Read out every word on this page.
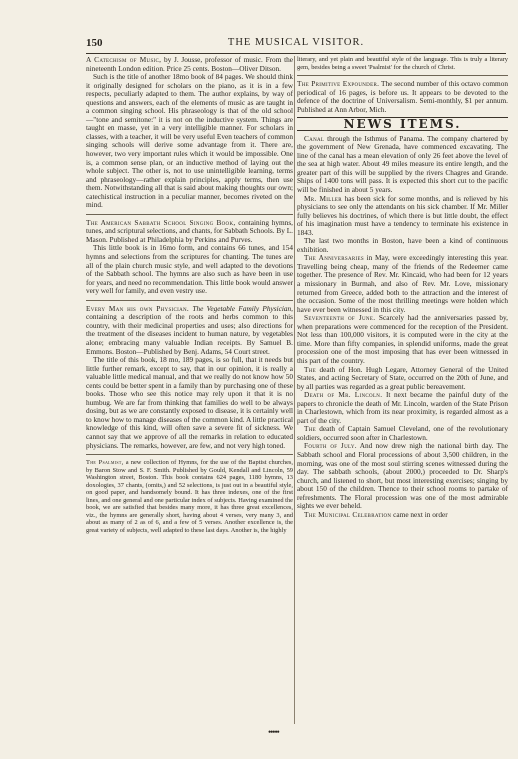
150	THE MUSICAL VISITOR.

A Catechism of Music, by J. Jousse, professor of music. From the nineteenth London edition. Price 25 cents. Boston—Oliver Ditson.

Such is the title of another 18mo book of 84 pages. We should think it originally designed for scholars on the piano, as it is in a few respects, peculiarly adapted to them. The author explains, by way of questions and answers, each of the elements of music as are taught in a common singing school. His phraseology is that of the old school—"tone and semitone:" it is not on the inductive system. Things are taught en masse, yet in a very intelligible manner. For scholars in classes, with a teacher, it will be very useful Even teachers of common singing schools will derive some advantage from it. There are, however, two very important rules which it would be impossible. One is, a common sense plan, or an inductive method of laying out the whole subject. The other is, not to use unintelligible learning, terms and phraseology—rather explain principles, apply terms, then use them. Notwithstanding all that is said about making thoughts our own; catechistical instruction in a peculiar manner, becomes riveted on the mind.

The American Sabbath School Singing Book, containing hymns, tunes, and scriptural selections, and chants, for Sabbath Schools. By L. Mason. Published at Philadelphia by Perkins and Purves.

This little book is in 16mo form, and contains 66 tunes, and 154 hymns and selections from the scriptures for chanting. The tunes are all of the plain church music style, and well adapted to the devotions of the Sabbath school. The hymns are also such as have been in use for years, and need no recommendation. This little book would answer very well for family, and even vestry use.

Every Man his own Physician. The Vegetable Family Physician, containing a description of the roots and herbs common to this country, with their medicinal properties and uses; also directions for the treatment of the diseases incident to human nature, by vegetables alone; embracing many valuable Indian receipts. By Samuel B. Emmons. Boston—Published by Benj. Adams, 54 Court street.

The title of this book, 18 mo, 189 pages, is so full, that it needs but little further remark, except to say, that in our opinion, it is really a valuable little medical manual, and that we really do not know how 50 cents could be better spent in a family than by purchasing one of these books. Those who see this notice may rely upon it that it is no humbug. We are far from thinking that families do well to be always dosing, but as we are constantly exposed to disease, it is certainly well to know how to manage diseases of the common kind. A little practical knowledge of this kind, will often save a severe fit of sickness. We cannot say that we approve of all the remarks in relation to educated physicians. The remarks, however, are few, and not very high toned.

The Psalmist, a new collection of Hymns, for the use of the Baptist churches, by Baron Stow and S. F. Smith. Published by Gould, Kendall and Lincoln, 59 Washington street, Boston. This book contains 624 pages, 1180 hymns, 13 doxologies, 37 chants, (omits,) and 52 selections, is just out in a beautiful style, on good paper, and handsomely bound. It has three indexes, one of the first lines, and one general and one particular index of subjects. Having examined the book, we are satisfied that besides many more, it has three great excellences, viz., the hymns are generally short, having about 4 verses, very many 3, and about as many of 2 as of 6, and a few of 5 verses. Another excellence is, the great variety of subjects, well adapted to these last days. Another is, the highly

literary, and yet plain and beautiful style of the language. This is truly a literary gem, besides being a sweet 'Psalmist' for the church of Christ.

The Primitive Expounder. The second number of this octavo common periodical of 16 pages, is before us. It appears to be devoted to the defence of the doctrine of Universalism. Semi-monthly, $1 per annum. Published at Ann Arbor, Mich.

NEWS ITEMS.

Canal through the Isthmus of Panama. The company chartered by the government of New Grenada, have commenced excavating. The line of the canal has a mean elevation of only 26 feet above the level of the sea at high water. About 49 miles measure its entire length, and the greater part of this will be supplied by the rivers Chagres and Grande. Ships of 1400 tons will pass. It is expected this short cut to the pacific will be finished in about 5 years.

Mr. Miller has been sick for some months, and is relieved by his physicians to see only the attendants on his sick chamber. If Mr. Miller fully believes his doctrines, of which there is but little doubt, the effect of his imagination must have a tendency to terminate his existence in 1843.

The last two months in Boston, have been a kind of continuous exhibition.

The Anniversaries in May, were exceedingly interesting this year. Travelling being cheap, many of the friends of the Redeemer came together. The presence of Rev. Mr. Kincaid, who had been for 12 years a missionary in Burmah, and also of Rev. Mr. Love, missionary returned from Greece, added both to the attraction and the interest of the occasion. Some of the most thrilling meetings were holden which have ever been witnessed in this city.

Seventeenth of June. Scarcely had the anniversaries passed by, when preparations were commenced for the reception of the President. Not less than 100,000 visitors, it is computed were in the city at the time. More than fifty companies, in splendid uniforms, made the great procession one of the most imposing that has ever been witnessed in this part of the country.

The death of Hon. Hugh Legare, Attorney General of the United States, and acting Secretary of State, occurred on the 20th of June, and by all parties was regarded as a great public bereavement.

Death of Mr. Lincoln. It next became the painful duty of the papers to chronicle the death of Mr. Lincoln, warden of the State Prison in Charlestown, which from its near proximity, is regarded almost as a part of the city.

The death of Captain Samuel Cleveland, one of the revolutionary soldiers, occurred soon after in Charlestown.

Fourth of July. And now drew nigh the national birth day. The Sabbath school and Floral processions of about 3,500 children, in the morning, was one of the most soul stirring scenes witnessed during the day. The sabbath schools, (about 2000,) proceeded to Dr. Sharp's church, and listened to short, but most interesting exercises; singing by about 150 of the children. Thence to their school rooms to partake of refreshments. The Floral procession was one of the most admirable sights we ever beheld.

The Municipal Celebration came next in order

•••••
